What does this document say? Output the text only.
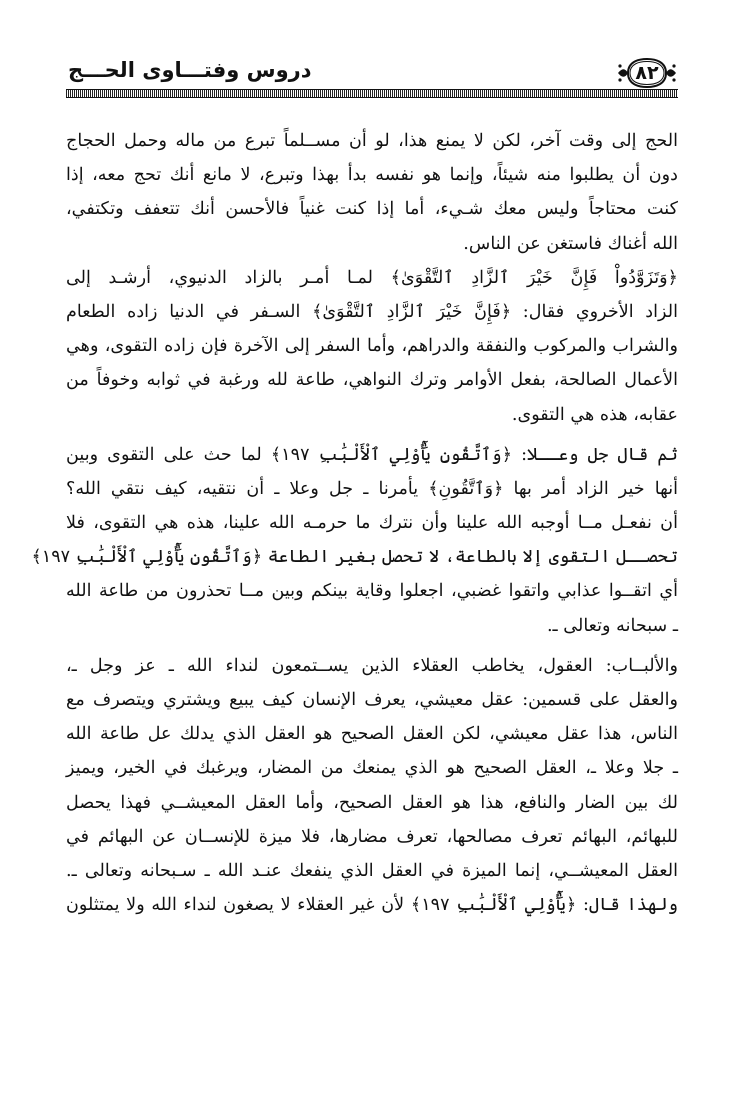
٨٢
دروس وفتـــاوى الحـــج
الحج إلى وقت آخر، لكن لا يمنع هذا، لو أن مســلماً تبرع من ماله وحمل الحجاج
دون أن يطلبوا منه شيئاً، وإنما هو نفسه بدأ بهذا وتبرع، لا مانع أنك تحج معه، إذا
كنت محتاجاً وليس معك شـيء، أما إذا كنت غنياً فالأحسن أنك تتعفف وتكتفي،
الله أغناك فاستغن عن الناس.
﴿وَتَزَوَّدُواْ فَإِنَّ خَيْرَ ٱلزَّادِ ٱلتَّقْوَىٰ﴾ لمـا أمـر بالزاد الدنيوي، أرشـد إلى
الزاد الأخروي فقال: ﴿فَإِنَّ خَيْرَ ٱلزَّادِ ٱلتَّقْوَىٰ﴾ السـفر في الدنيا زاده الطعام
والشراب والمركوب والنفقة والدراهم، وأما السفر إلى الآخرة فإن زاده التقوى، وهي
الأعمال الصالحة، بفعل الأوامر وترك النواهي، طاعة لله ورغبة في ثوابه وخوفاً من
عقابه، هذه هي التقوى.
ثم قال جل وعــلا: ﴿وَٱتَّقُونِ يَٰٓأُوْلِي ٱلْأَلْبَٰبِ ١٩٧﴾ لما حث على التقوى وبين
أنها خير الزاد أمر بها ﴿وَٱتَّقُونِ﴾ يأمرنا ـ جل وعلا ـ أن نتقيه، كيف نتقي الله؟
أن نفعـل مــا أوجبه الله علينا وأن نترك ما حرمـه الله علينا، هذه هي التقوى، فلا
تحصــل التقوى إلا بالطاعة، لا تحصل بغير الطاعة ﴿وَٱتَّقُونِ يَٰٓأُوْلِي ٱلْأَلْبَٰبِ ١٩٧﴾
أي اتقــوا عذابي واتقوا غضبي، اجعلوا وقاية بينكم وبين مــا تحذرون من طاعة الله
ـ سبحانه وتعالى ـ.
والألبــاب: العقول، يخاطب العقلاء الذين يســتمعون لنداء الله ـ عز وجل ـ،
والعقل على قسمين: عقل معيشي، يعرف الإنسان كيف يبيع ويشتري ويتصرف مع
الناس، هذا عقل معيشي، لكن العقل الصحيح هو العقل الذي يدلك عل طاعة الله
ـ جلا وعلا ـ، العقل الصحيح هو الذي يمنعك من المضار، ويرغبك في الخير، ويميز
لك بين الضار والنافع، هذا هو العقل الصحيح، وأما العقل المعيشــي فهذا يحصل
للبهائم، البهائم تعرف مصالحها، تعرف مضارها، فلا ميزة للإنســان عن البهائم في
العقل المعيشــي، إنما الميزة في العقل الذي ينفعك عنـد الله ـ سـبحانه وتعالى ـ.
ولهذا قال: ﴿يَٰٓأُوْلِي ٱلْأَلْبَٰبِ ١٩٧﴾ لأن غير العقلاء لا يصغون لنداء الله ولا يمتثلون
